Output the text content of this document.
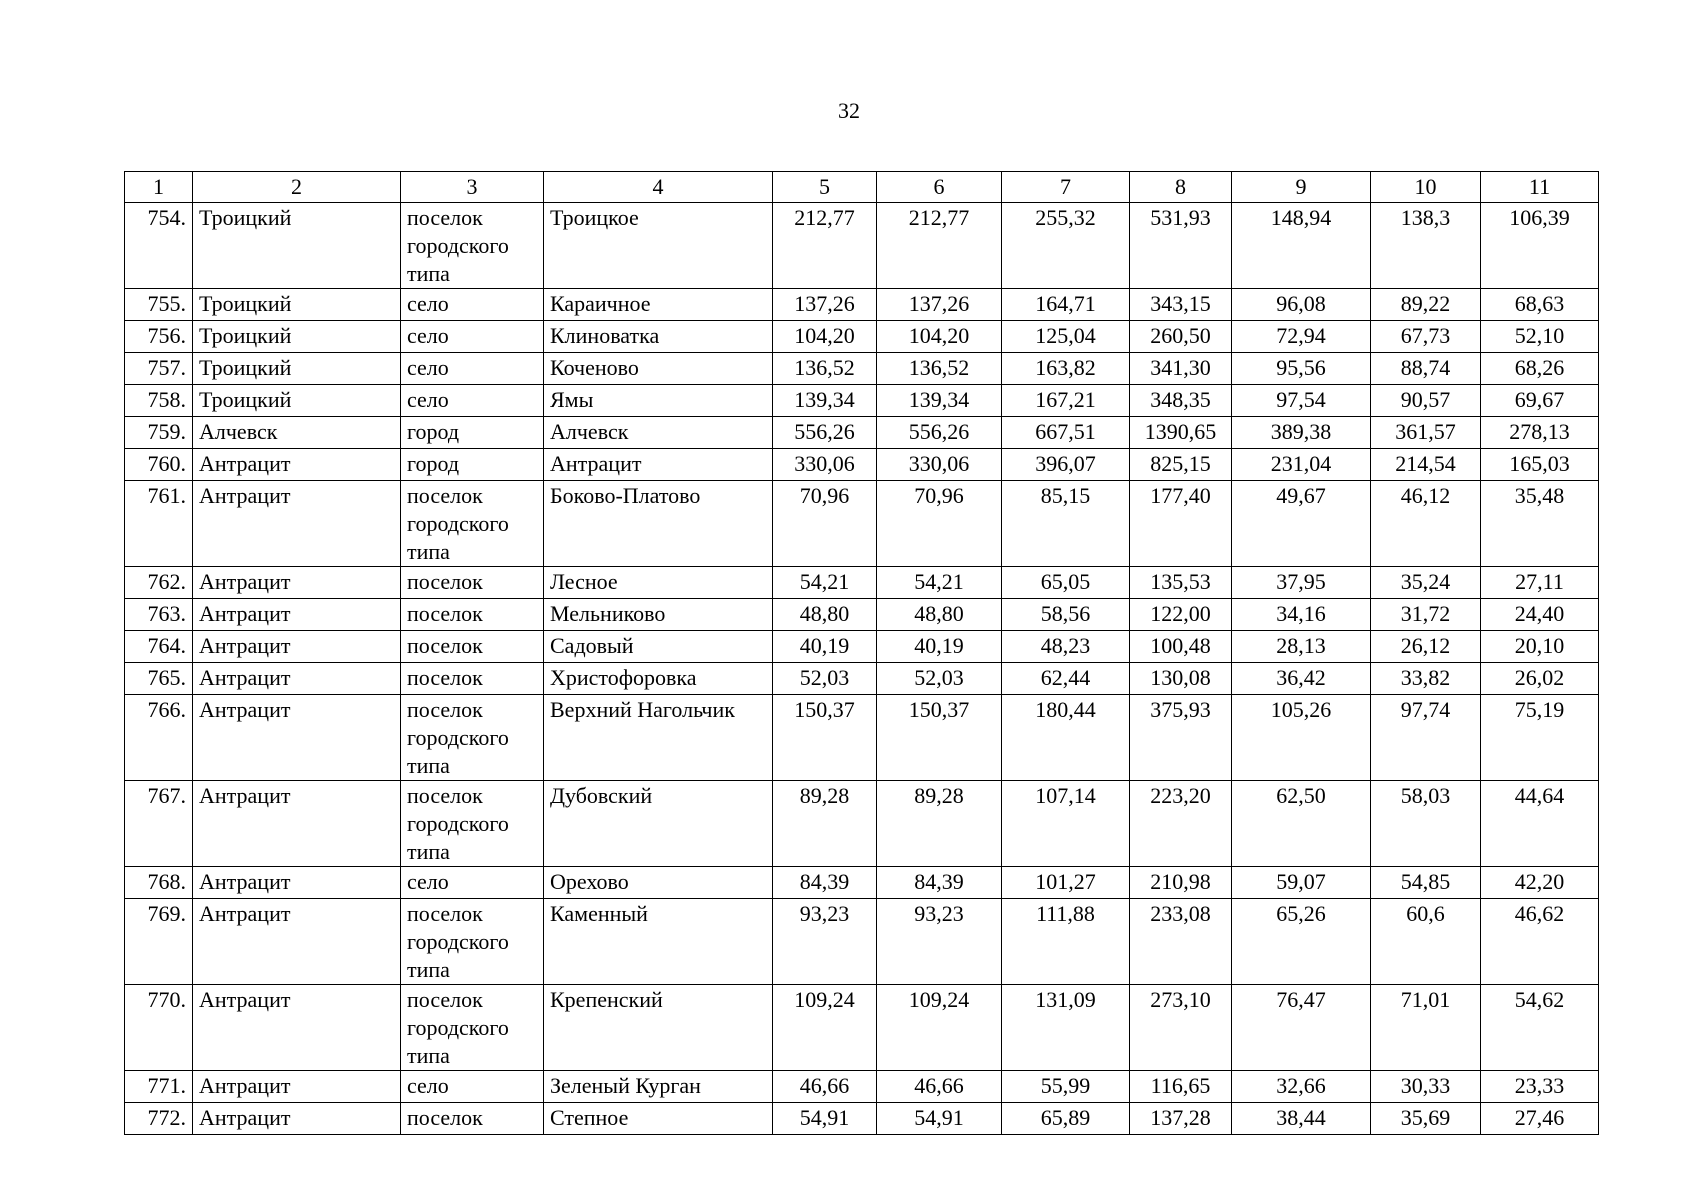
32
1	2	3	4	5	6	7	8	9	10	11
754.	Троицкий	поселок городского типа	Троицкое	212,77	212,77	255,32	531,93	148,94	138,3	106,39
755.	Троицкий	село	Караичное	137,26	137,26	164,71	343,15	96,08	89,22	68,63
756.	Троицкий	село	Клиноватка	104,20	104,20	125,04	260,50	72,94	67,73	52,10
757.	Троицкий	село	Коченово	136,52	136,52	163,82	341,30	95,56	88,74	68,26
758.	Троицкий	село	Ямы	139,34	139,34	167,21	348,35	97,54	90,57	69,67
759.	Алчевск	город	Алчевск	556,26	556,26	667,51	1390,65	389,38	361,57	278,13
760.	Антрацит	город	Антрацит	330,06	330,06	396,07	825,15	231,04	214,54	165,03
761.	Антрацит	поселок городского типа	Боково-Платово	70,96	70,96	85,15	177,40	49,67	46,12	35,48
762.	Антрацит	поселок	Лесное	54,21	54,21	65,05	135,53	37,95	35,24	27,11
763.	Антрацит	поселок	Мельниково	48,80	48,80	58,56	122,00	34,16	31,72	24,40
764.	Антрацит	поселок	Садовый	40,19	40,19	48,23	100,48	28,13	26,12	20,10
765.	Антрацит	поселок	Христофоровка	52,03	52,03	62,44	130,08	36,42	33,82	26,02
766.	Антрацит	поселок городского типа	Верхний Нагольчик	150,37	150,37	180,44	375,93	105,26	97,74	75,19
767.	Антрацит	поселок городского типа	Дубовский	89,28	89,28	107,14	223,20	62,50	58,03	44,64
768.	Антрацит	село	Орехово	84,39	84,39	101,27	210,98	59,07	54,85	42,20
769.	Антрацит	поселок городского типа	Каменный	93,23	93,23	111,88	233,08	65,26	60,6	46,62
770.	Антрацит	поселок городского типа	Крепенский	109,24	109,24	131,09	273,10	76,47	71,01	54,62
771.	Антрацит	село	Зеленый Курган	46,66	46,66	55,99	116,65	32,66	30,33	23,33
772.	Антрацит	поселок	Степное	54,91	54,91	65,89	137,28	38,44	35,69	27,46
